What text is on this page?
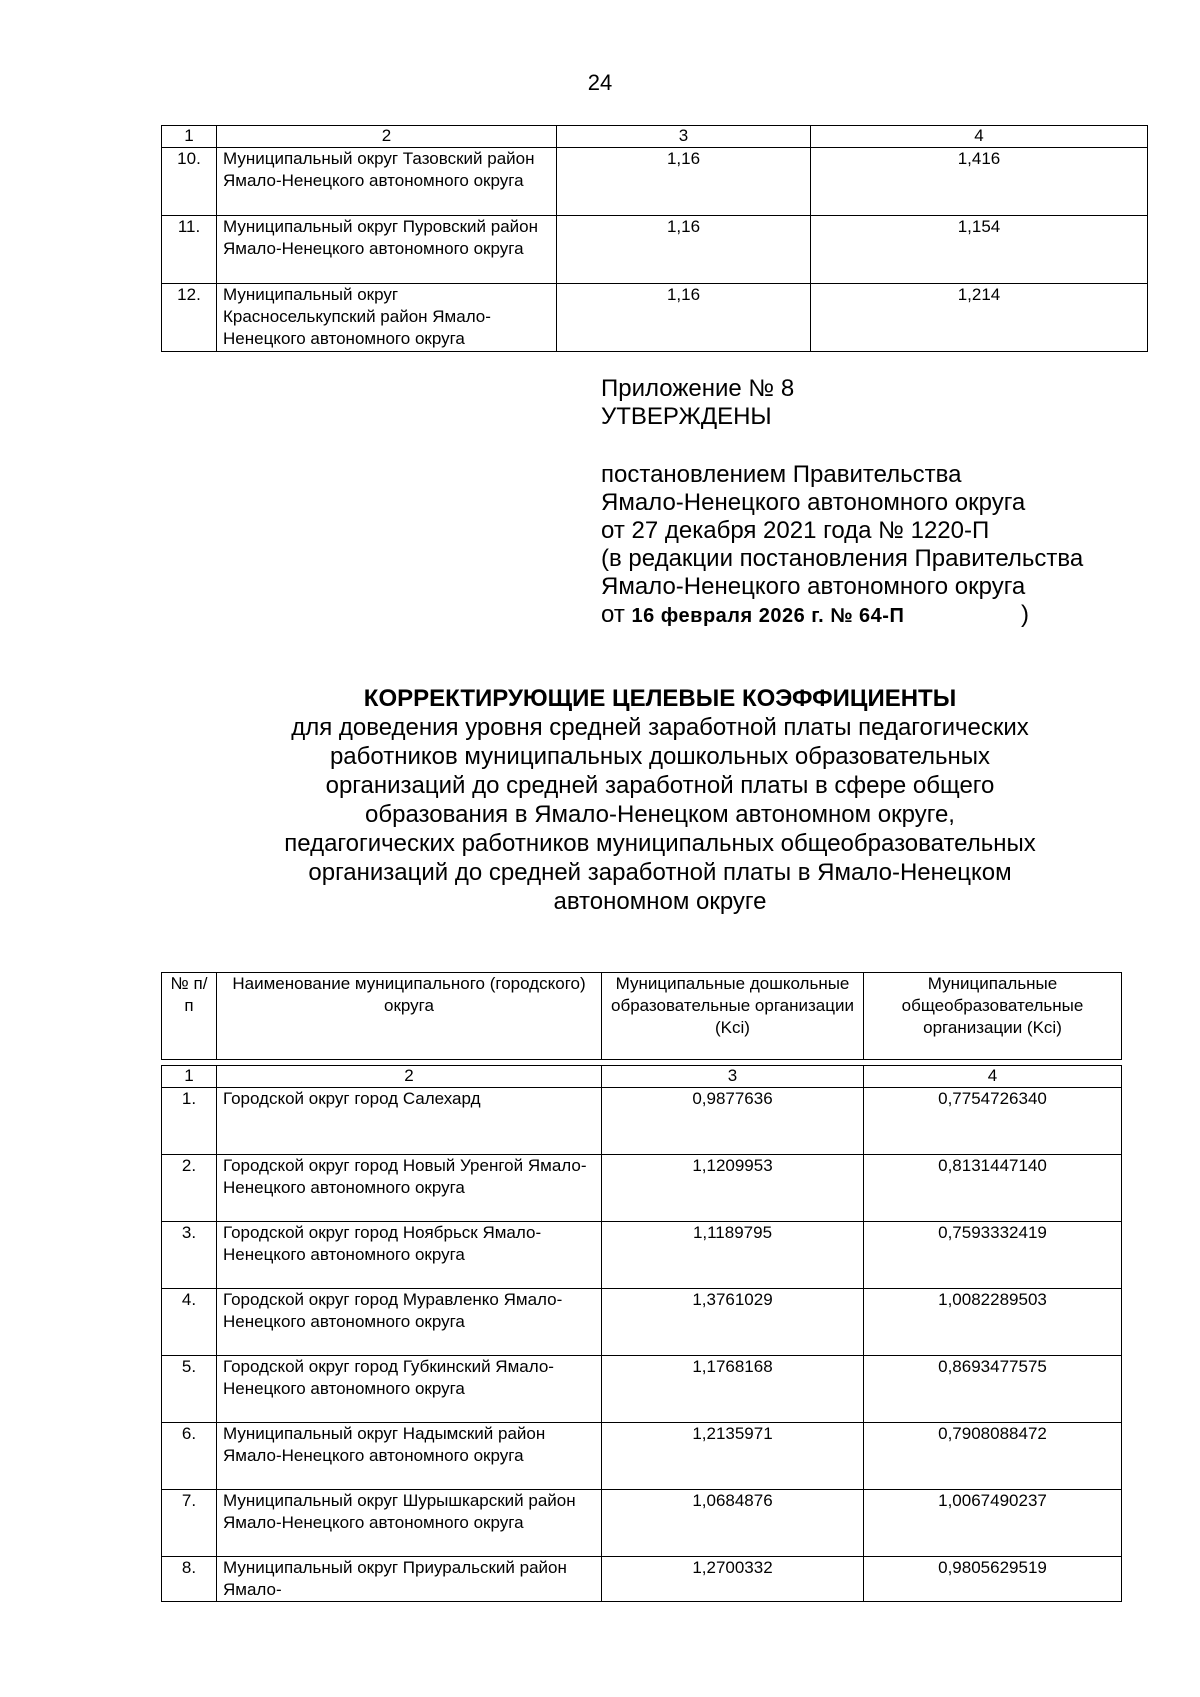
24
1	2	3	4
10.	Муниципальный округ Тазовский район Ямало-Ненецкого автономного округа	1,16	1,416
11.	Муниципальный округ Пуровский район Ямало-Ненецкого автономного округа	1,16	1,154
12.	Муниципальный округ Красноселькупский район Ямало-Ненецкого автономного округа	1,16	1,214
Приложение № 8
УТВЕРЖДЕНЫ
постановлением Правительства
Ямало-Ненецкого автономного округа
от 27 декабря 2021 года № 1220-П
(в редакции постановления Правительства
Ямало-Ненецкого автономного округа
от 16 февраля 2026 г. № 64-П	)
КОРРЕКТИРУЮЩИЕ ЦЕЛЕВЫЕ КОЭФФИЦИЕНТЫ
для доведения уровня средней заработной платы педагогических
работников муниципальных дошкольных образовательных
организаций до средней заработной платы в сфере общего
образования в Ямало-Ненецком автономном округе,
педагогических работников муниципальных общеобразовательных
организаций до средней заработной платы в Ямало-Ненецком
автономном округе
№ п/п	Наименование муниципального (городского) округа	Муниципальные дошкольные образовательные организации (Kсi)	Муниципальные общеобразовательные организации (Kсi)
1	2	3	4
1.	Городской округ город Салехард	0,9877636	0,7754726340
2.	Городской округ город Новый Уренгой Ямало-Ненецкого автономного округа	1,1209953	0,8131447140
3.	Городской округ город Ноябрьск Ямало-Ненецкого автономного округа	1,1189795	0,7593332419
4.	Городской округ город Муравленко Ямало-Ненецкого автономного округа	1,3761029	1,0082289503
5.	Городской округ город Губкинский Ямало-Ненецкого автономного округа	1,1768168	0,8693477575
6.	Муниципальный округ Надымский район Ямало-Ненецкого автономного округа	1,2135971	0,7908088472
7.	Муниципальный округ Шурышкарский район Ямало-Ненецкого автономного округа	1,0684876	1,0067490237
8.	Муниципальный округ Приуральский район Ямало-	1,2700332	0,9805629519
